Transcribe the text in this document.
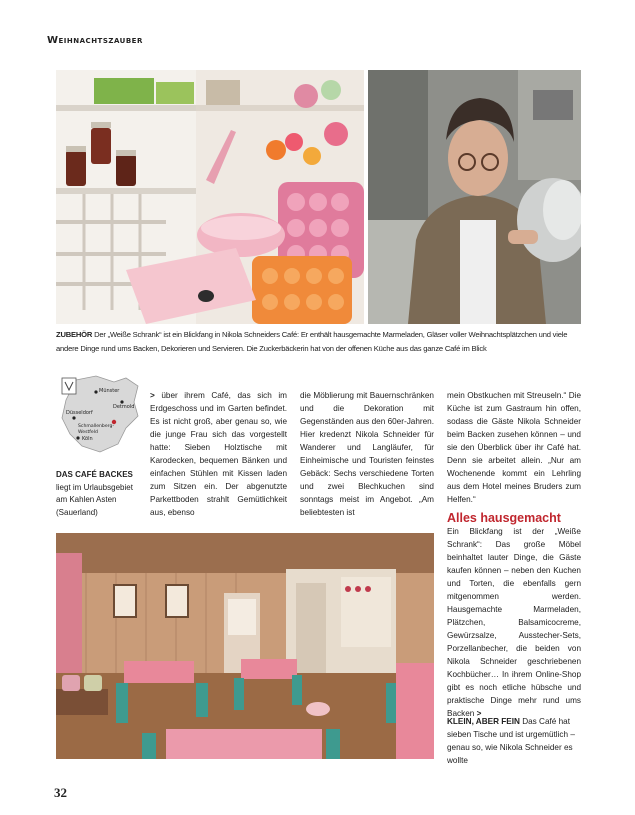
Weihnachtszauber
ZUBEHÖR Der „Weiße Schrank“ ist ein Blickfang in Nikola Schneiders Café: Er enthält hausgemachte Marmeladen, Gläser voller Weihnachtsplätzchen und viele andere Dinge rund ums Backen, Dekorieren und Servieren. Die Zuckerbäckerin hat von der offenen Küche aus das ganze Café im Blick
Münster
Detmold
Düsseldorf
Schmallenberg-Westfeld
Köln
DAS CAFÉ BACKES liegt im Urlaubsgebiet am Kahlen Asten (Sauerland)
> über ihrem Café, das sich im Erdgeschoss und im Garten befindet. Es ist nicht groß, aber genau so, wie die junge Frau sich das vorgestellt hatte: Sieben Holztische mit Karodecken, bequemen Bänken und einfachen Stühlen mit Kissen laden zum Sitzen ein. Der abgenutzte Parkettboden strahlt Gemütlichkeit aus, ebenso
die Möblierung mit Bauernschränken und die Dekoration mit Gegenständen aus den 60er-Jahren. Hier kredenzt Nikola Schneider für Wanderer und Langläufer, für Einheimische und Touristen feinstes Gebäck: Sechs verschiedene Torten und zwei Blechkuchen sind sonntags meist im Angebot. „Am beliebtesten ist
mein Obstkuchen mit Streuseln.“ Die Küche ist zum Gastraum hin offen, sodass die Gäste Nikola Schneider beim Backen zusehen können – und sie den Überblick über ihr Café hat. Denn sie arbeitet allein. „Nur am Wochenende kommt ein Lehrling aus dem Hotel meines Bruders zum Helfen.“
Alles hausgemacht
Ein Blickfang ist der „Weiße Schrank“: Das große Möbel beinhaltet lauter Dinge, die Gäste kaufen können – neben den Kuchen und Torten, die ebenfalls gern mitgenommen werden. Hausgemachte Marmeladen, Plätzchen, Balsamicocreme, Gewürzsalze, Ausstecher-Sets, Porzellanbecher, die beiden von Nikola Schneider geschriebenen Kochbücher… In ihrem Online-Shop gibt es noch etliche hübsche und praktische Dinge mehr rund ums Backen >
KLEIN, ABER FEIN Das Café hat sieben Tische und ist urgemütlich – genau so, wie Nikola Schneider es wollte
32
